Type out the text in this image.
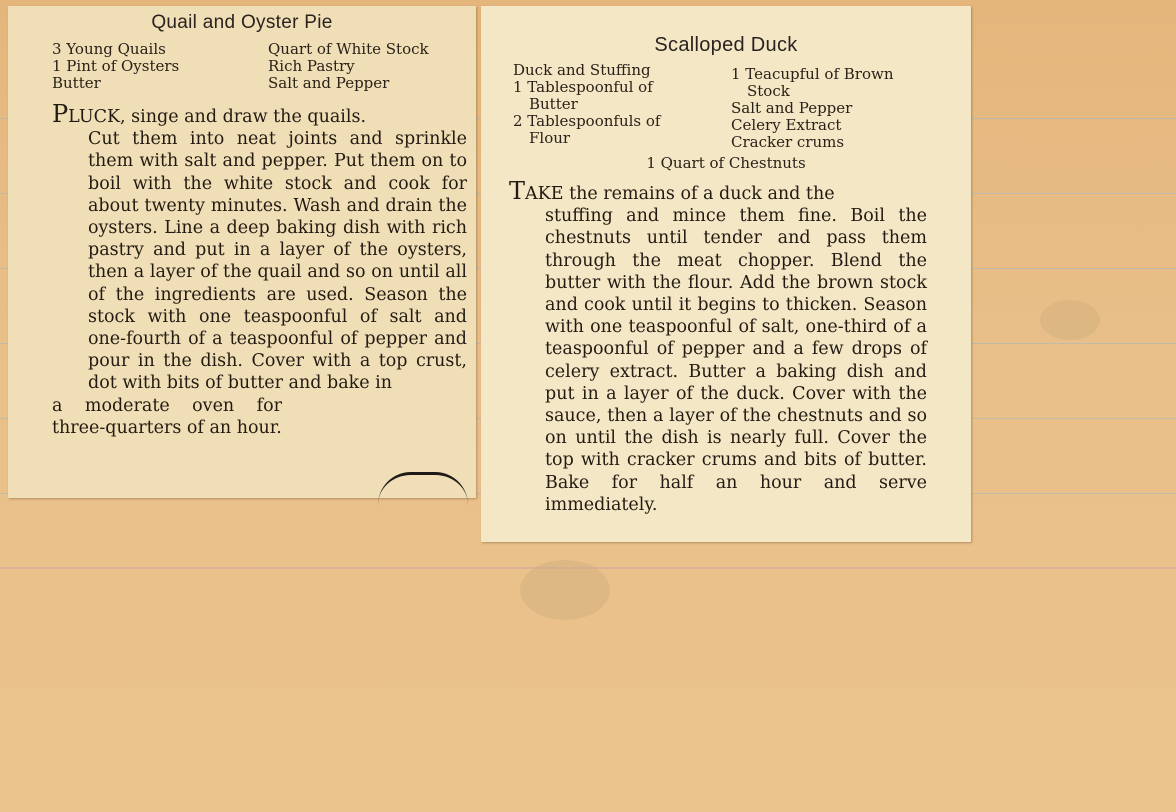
Quail and Oyster Pie
3 Young Quails
1 Pint of Oysters
Butter
Quart of White Stock
Rich Pastry
Salt and Pepper

PLUCK, singe and draw the quails.

Cut them into neat joints and sprinkle them with salt and pepper. Put them on to boil with the white stock and cook for about twenty minutes. Wash and drain the oysters. Line a deep baking dish with rich pastry and put in a layer of the oysters, then a layer of the quail and so on until all of the ingredients are used. Season the stock with one teaspoonful of salt and one-fourth of a teaspoonful of pepper and pour in the dish. Cover with a top crust, dot with bits of butter and bake in

a moderate oven for three-quarters of an hour.

Scalloped Duck
Duck and Stuffing
1 Tablespoonful of
Butter
2 Tablespoonfuls of
Flour
1 Teacupful of Brown
Stock
Salt and Pepper
Celery Extract
Cracker crums
1 Quart of Chestnuts

TAKE the remains of a duck and the

stuffing and mince them fine. Boil the chestnuts until tender and pass them through the meat chopper. Blend the butter with the flour. Add the brown stock and cook until it begins to thicken. Season with one teaspoonful of salt, one-third of a teaspoonful of pepper and a few drops of celery extract. Butter a baking dish and put in a layer of the duck. Cover with the sauce, then a layer of the chestnuts and so on until the dish is nearly full. Cover the top with cracker crums and bits of butter. Bake for half an hour and serve immediately.
